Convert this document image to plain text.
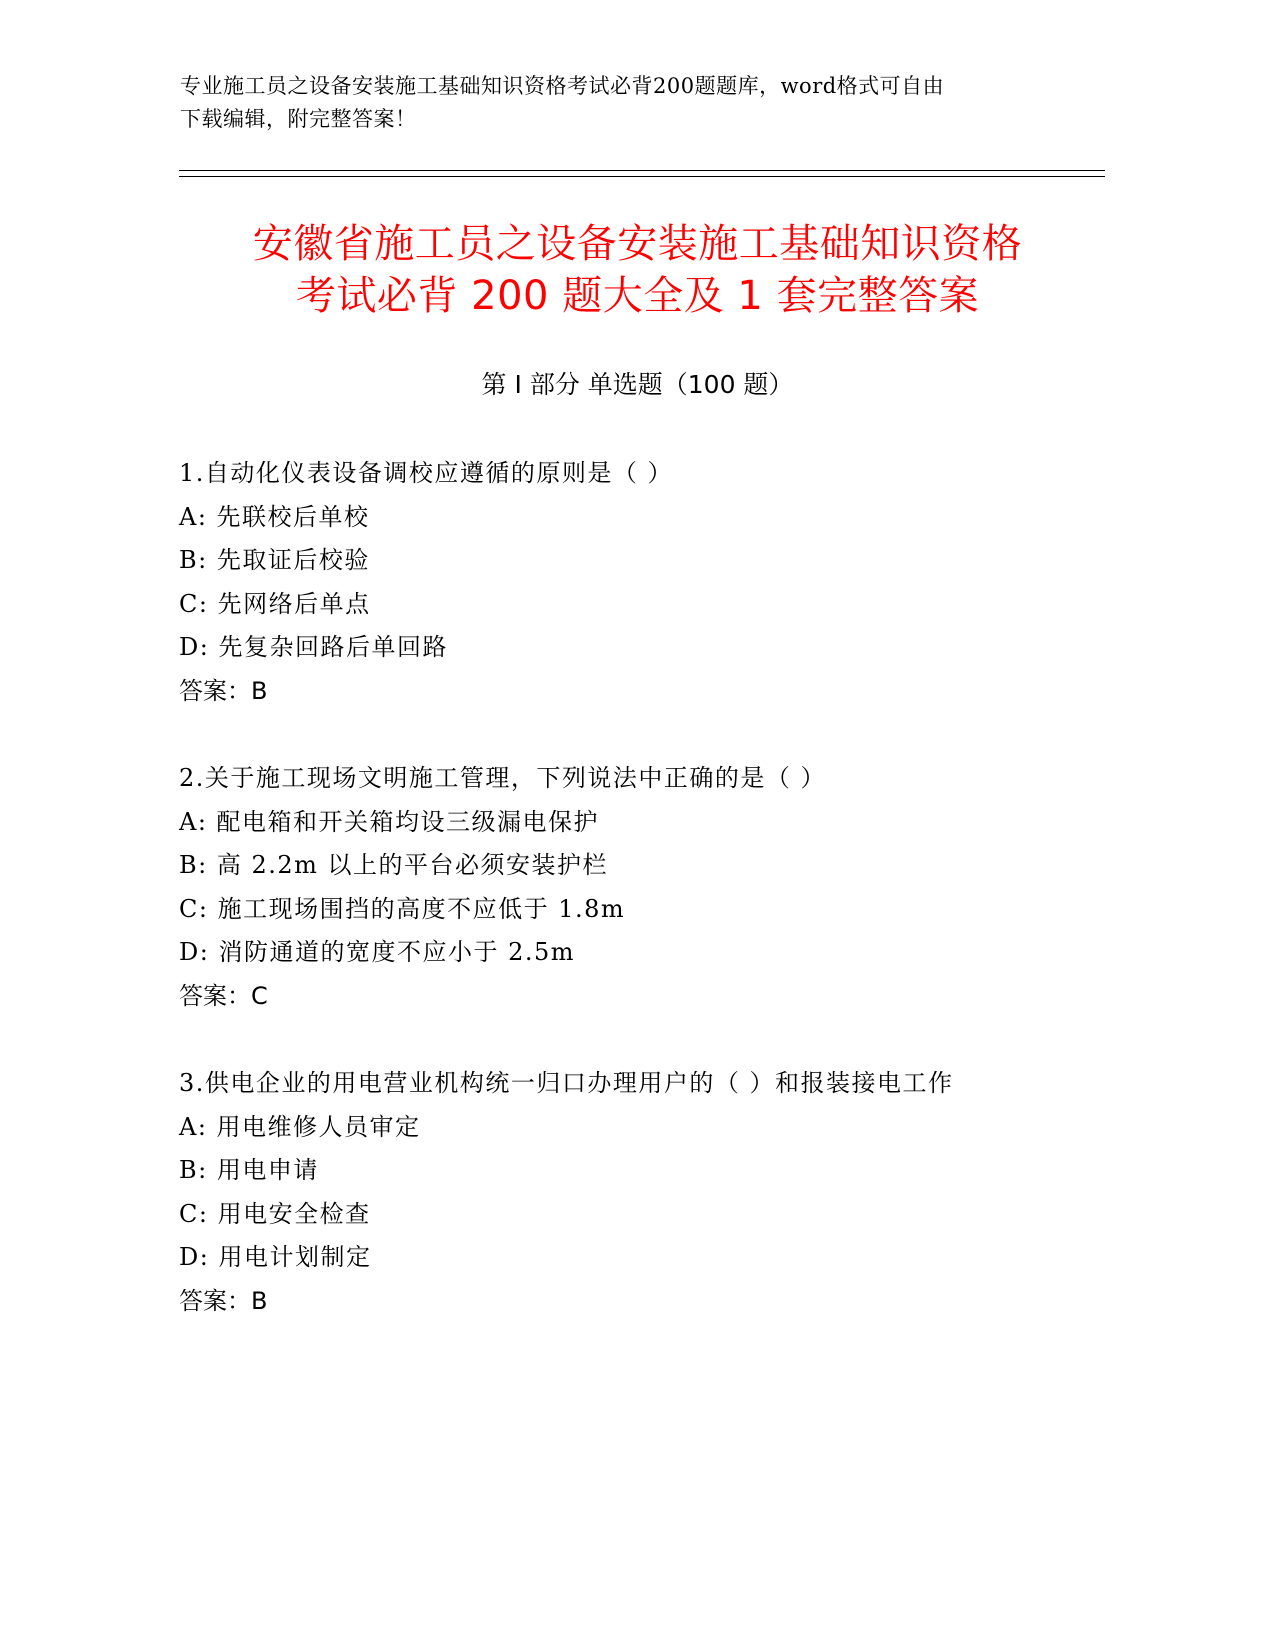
专业施工员之设备安装施工基础知识资格考试必背200题题库，word格式可自由
下载编辑，附完整答案！
安徽省施工员之设备安装施工基础知识资格
考试必背 200 题大全及 1 套完整答案
第 I 部分 单选题（100 题）
1.自动化仪表设备调校应遵循的原则是（ ）
A: 先联校后单校
B: 先取证后校验
C: 先网络后单点
D: 先复杂回路后单回路
答案：B
2.关于施工现场文明施工管理，下列说法中正确的是（ ）
A: 配电箱和开关箱均设三级漏电保护
B: 高 2.2m 以上的平台必须安装护栏
C: 施工现场围挡的高度不应低于 1.8m
D: 消防通道的宽度不应小于 2.5m
答案：C
3.供电企业的用电营业机构统一归口办理用户的（ ）和报装接电工作
A: 用电维修人员审定
B: 用电申请
C: 用电安全检查
D: 用电计划制定
答案：B
